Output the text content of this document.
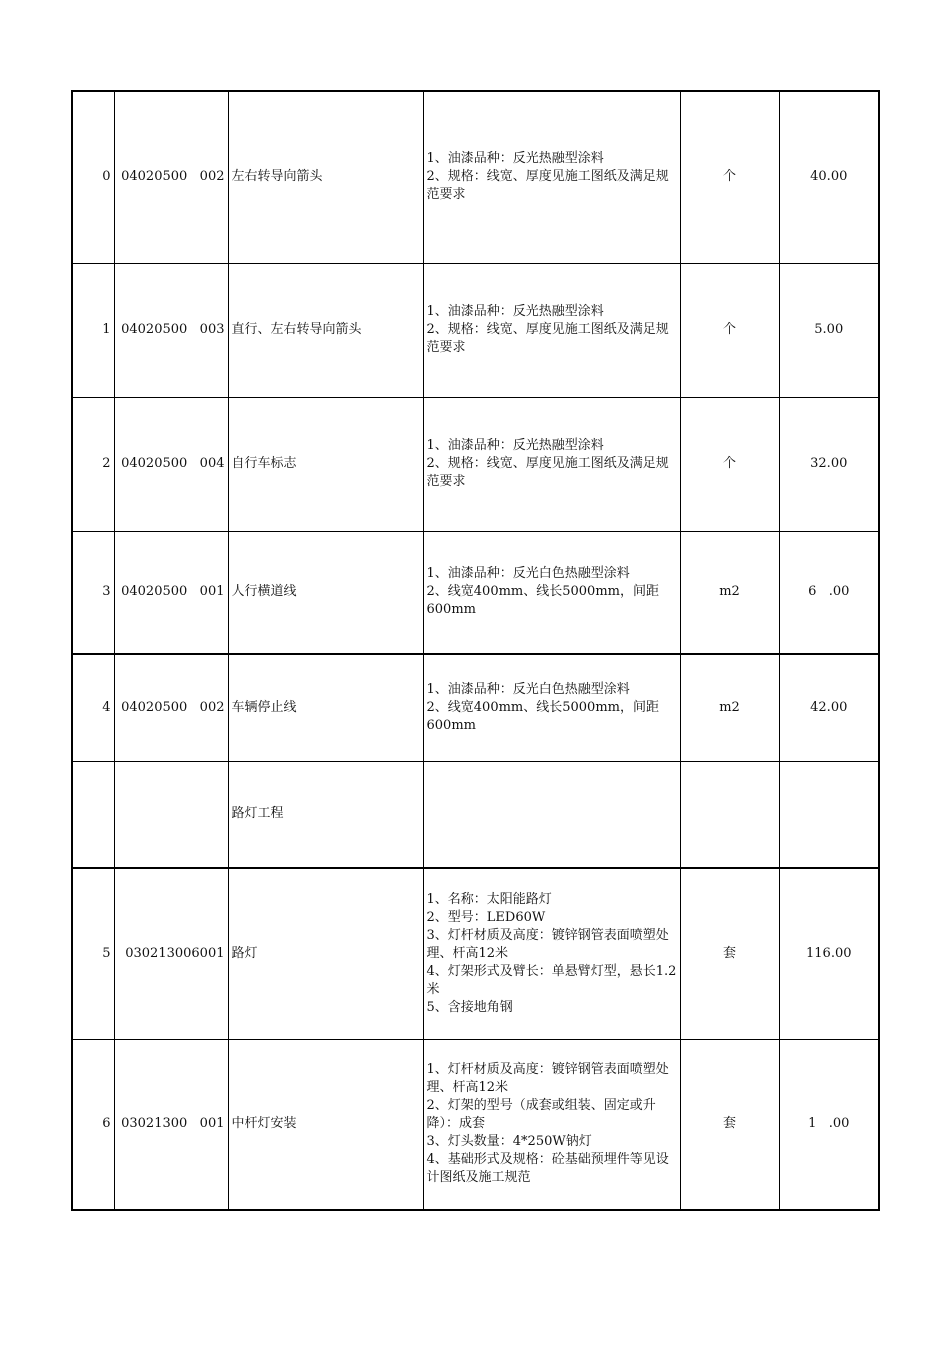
0	04020500   002	左右转导向箭头	1、油漆品种：反光热融型涂料
2、规格：线宽、厚度见施工图纸及满足规范要求	个	40.00
1	04020500   003	直行、左右转导向箭头	1、油漆品种：反光热融型涂料
2、规格：线宽、厚度见施工图纸及满足规范要求	个	5.00
2	04020500   004	自行车标志	1、油漆品种：反光热融型涂料
2、规格：线宽、厚度见施工图纸及满足规范要求	个	32.00
3	04020500   001	人行横道线	1、油漆品种：反光白色热融型涂料
2、线宽400mm、线长5000mm，间距600mm	m2	6   .00
4	04020500   002	车辆停止线	1、油漆品种：反光白色热融型涂料
2、线宽400mm、线长5000mm，间距600mm	m2	42.00

	路灯工程			
5	030213006001	路灯	1、名称：太阳能路灯
2、型号：LED60W
3、灯杆材质及高度：镀锌钢管表面喷塑处理、杆高12米
4、灯架形式及臂长：单悬臂灯型，悬长1.2米
5、含接地角钢	套	116.00
6	03021300   001	中杆灯安装	1、灯杆材质及高度：镀锌钢管表面喷塑处理、杆高12米
2、灯架的型号（成套或组装、固定或升降）：成套
3、灯头数量：4*250W钠灯
4、基础形式及规格：砼基础预埋件等见设计图纸及施工规范	套	1   .00
